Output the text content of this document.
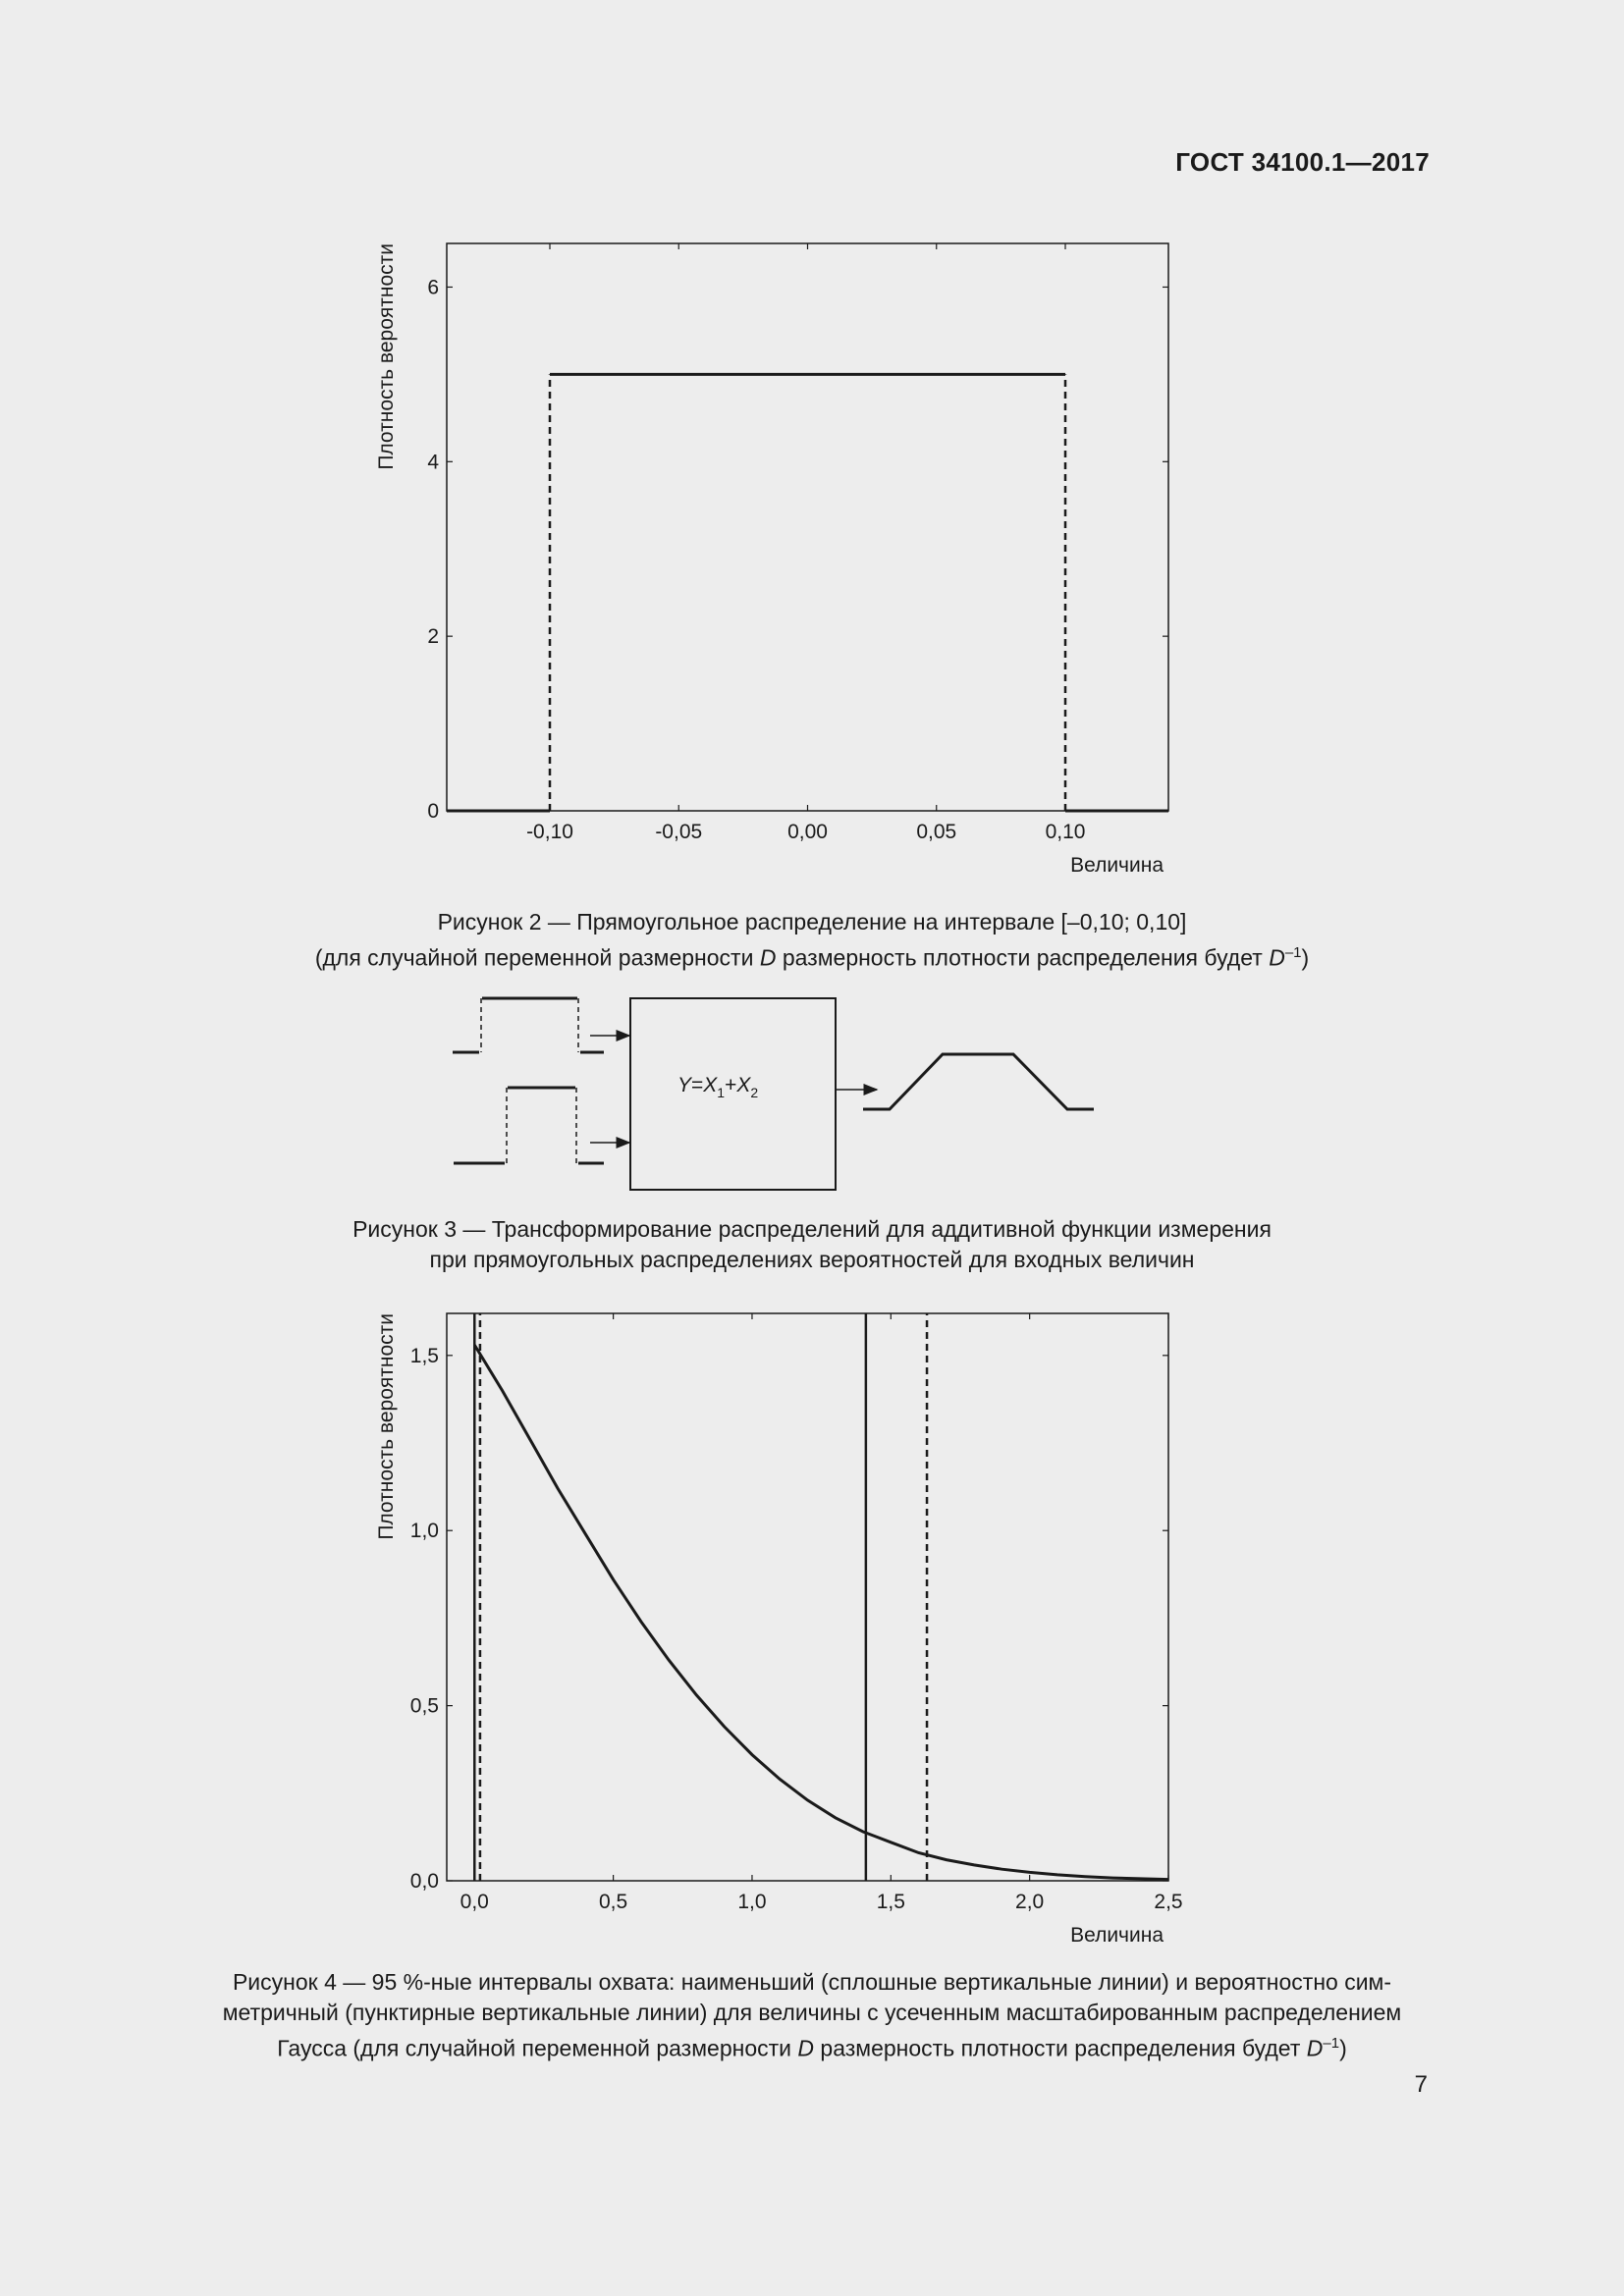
ГОСТ 34100.1—2017
-0,10	-0,05	0,00	0,05	0,10
0
2
4
6
Величина
Плотность вероятности
Рисунок 2 — Прямоугольное распределение на интервале [–0,10; 0,10]
(для случайной переменной размерности D размерность плотности распределения будет $D^{-1}$)
$Y=X_1+X_2$
Рисунок 3 — Трансформирование распределений для аддитивной функции измерения
при прямоугольных распределениях вероятностей для входных величин
0,0	0,5	1,0	1,5	2,0	2,5
0,0
0,5
1,0
1,5
Величина
Плотность вероятности
Рисунок 4 — 95 %-ные интервалы охвата: наименьший (сплошные вертикальные линии) и вероятностно сим-
метричный (пунктирные вертикальные линии) для величины с усеченным масштабированным распределением
Гаусса (для случайной переменной размерности D размерность плотности распределения будет $D^{-1}$)
7
